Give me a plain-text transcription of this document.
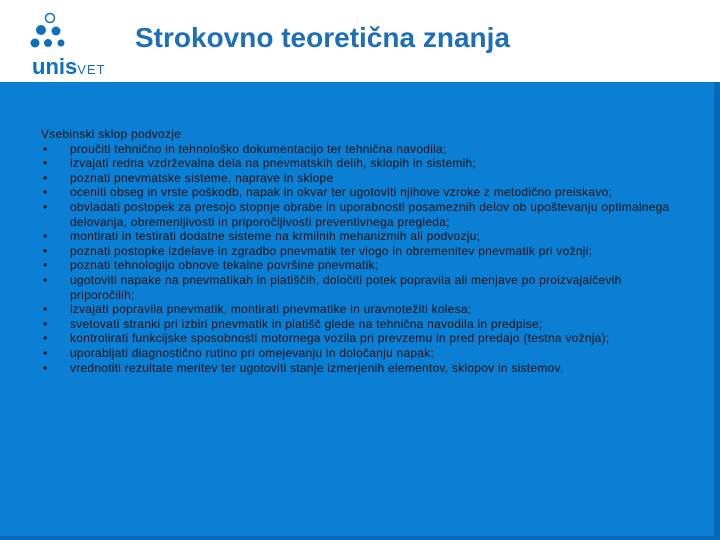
unisVET
Strokovno teoretična znanja
Vsebinski sklop podvozje
• proučiti tehnično in tehnološko dokumentacijo ter tehnična navodila;
• izvajati redna vzdrževalna dela na pnevmatskih delih, sklopih in sistemih;
• poznati pnevmatske sisteme, naprave in sklope
• oceniti obseg in vrste poškodb, napak in okvar ter ugotoviti njihove vzroke z metodično preiskavo;
• obvladati postopek za presojo stopnje obrabe in uporabnosti posameznih delov ob upoštevanju optimalnega delovanja, obremenljivosti in priporočljivosti preventivnega pregleda;
• montirati in testirati dodatne sisteme na krmilnih mehanizmih ali podvozju;
• poznati postopke izdelave in zgradbo pnevmatik ter vlogo in obremenitev pnevmatik pri vožnji;
• poznati tehnologijo obnove tekalne površine pnevmatik;
• ugotoviti napake na pnevmatikah in platiščih, določiti potek popravila ali menjave po proizvajalčevih priporočilih;
• izvajati popravila pnevmatik, montirati pnevmatike in uravnotežiti kolesa;
• svetovati stranki pri izbiri pnevmatik in platišč glede na tehnična navodila in predpise;
• kontrolirati funkcijske sposobnosti motornega vozila pri prevzemu in pred predajo (testna vožnja);
• uporabljati diagnostično rutino pri omejevanju in določanju napak;
• vrednotiti rezultate meritev ter ugotoviti stanje izmerjenih elementov, sklopov in sistemov.
